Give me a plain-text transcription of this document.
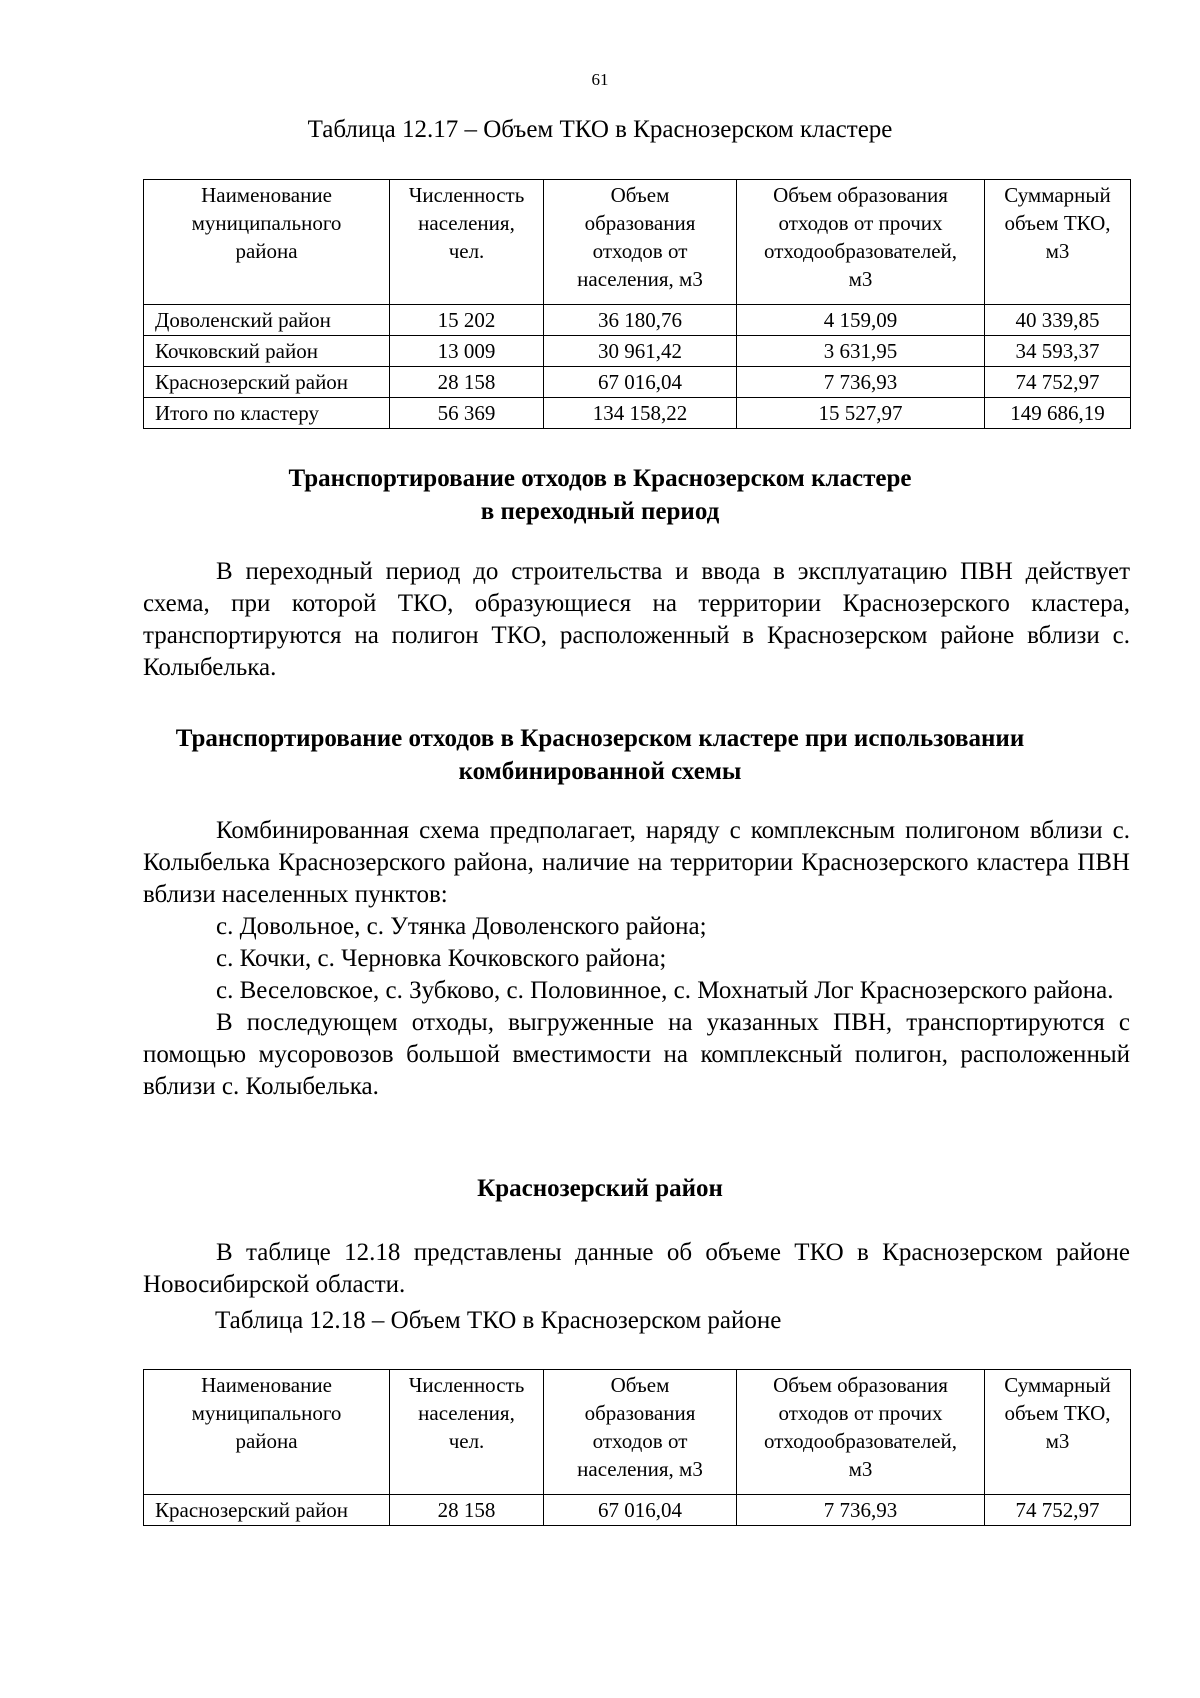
61
Таблица 12.17 – Объем ТКО в Краснозерском кластере
Наименование
муниципального
района	Численность
населения,
чел.	Объем
образования
отходов от
населения, м3	Объем образования
отходов от прочих
отходообразователей,
м3	Суммарный
объем ТКО,
м3

Доволенский район	15 202	36 180,76	4 159,09	40 339,85
Кочковский район	13 009	30 961,42	3 631,95	34 593,37
Краснозерский район	28 158	67 016,04	7 736,93	74 752,97
Итого по кластеру	56 369	134 158,22	15 527,97	149 686,19
Транспортирование отходов в Краснозерском кластере
в переходный период

В переходный период до строительства и ввода в эксплуатацию ПВН действует схема, при которой ТКО, образующиеся на территории Краснозерского кластера, транспортируются на полигон ТКО, расположенный в Краснозерском районе вблизи с. Колыбелька.

Транспортирование отходов в Краснозерском кластере при использовании
комбинированной схемы

Комбинированная схема предполагает, наряду с комплексным полигоном вблизи с. Колыбелька Краснозерского района, наличие на территории Краснозерского кластера ПВН вблизи населенных пунктов:

с. Довольное, с. Утянка Доволенского района;

с. Кочки, с. Черновка Кочковского района;

с. Веселовское, с. Зубково, с. Половинное, с. Мохнатый Лог Краснозерского района.

В последующем отходы, выгруженные на указанных ПВН, транспортируются с помощью мусоровозов большой вместимости на комплексный полигон, расположенный вблизи с. Колыбелька.

Краснозерский район

В таблице 12.18 представлены данные об объеме ТКО в Краснозерском районе Новосибирской области.

Таблица 12.18 – Объем ТКО в Краснозерском районе
Наименование
муниципального
района	Численность
населения,
чел.	Объем
образования
отходов от
населения, м3	Объем образования
отходов от прочих
отходообразователей,
м3	Суммарный
объем ТКО,
м3

Краснозерский район	28 158	67 016,04	7 736,93	74 752,97
